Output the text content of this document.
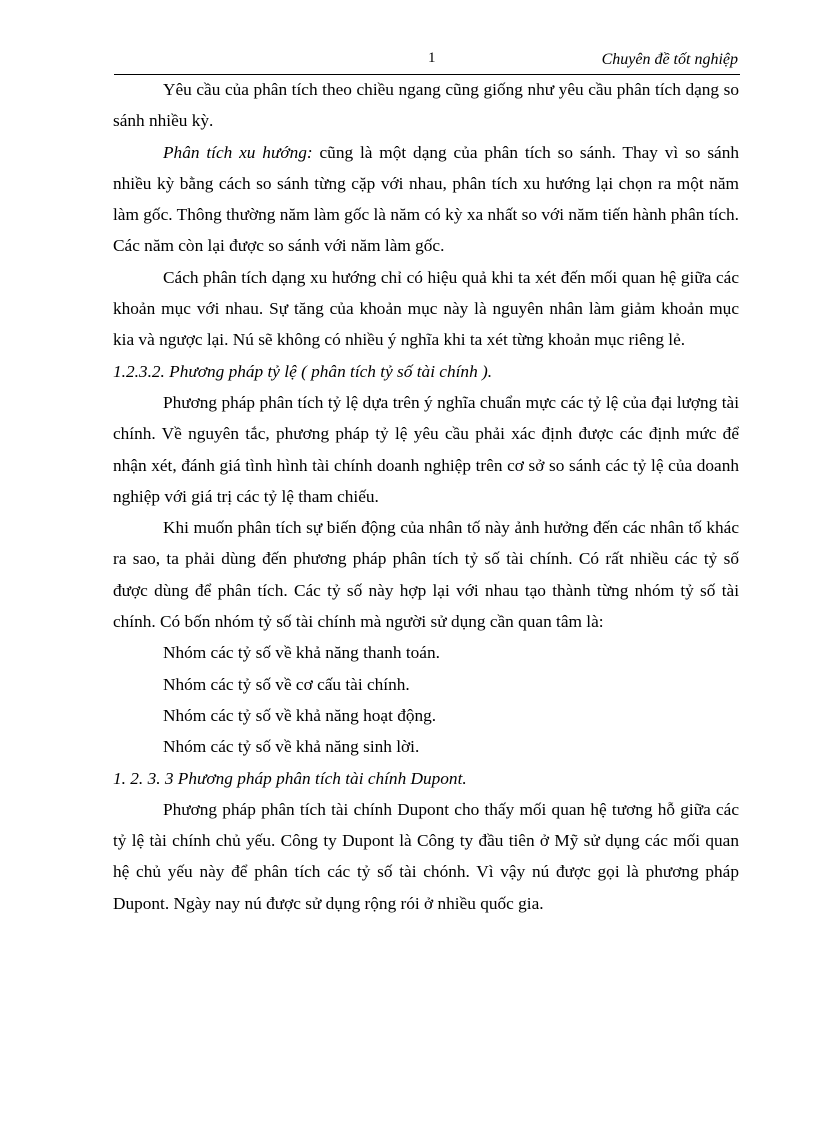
1	Chuyên đề tốt nghiệp

Yêu cầu của phân tích theo chiều ngang cũng giống như yêu cầu phân tích dạng so sánh nhiều kỳ.

Phân tích xu hướng: cũng là một dạng của phân tích so sánh. Thay vì so sánh nhiều kỳ bằng cách so sánh từng cặp với nhau, phân tích xu hướng lại chọn ra một năm làm gốc. Thông thường năm làm gốc là năm có kỳ xa nhất so với năm tiến hành phân tích. Các năm còn lại được so sánh với năm làm gốc.

Cách phân tích dạng xu hướng chỉ có hiệu quả khi ta xét đến mối quan hệ giữa các khoản mục với nhau. Sự tăng của khoản mục này là nguyên nhân làm giảm khoản mục kia và ngược lại. Nú sẽ không có nhiều ý nghĩa khi ta xét từng khoản mục riêng lẻ.

1.2.3.2. Phương pháp tỷ lệ ( phân tích tỷ số tài chính ).

Phương pháp phân tích tỷ lệ dựa trên ý nghĩa chuẩn mực các tỷ lệ của đại lượng tài chính. Về nguyên tắc, phương pháp tỷ lệ yêu cầu phải xác định được các định mức để nhận xét, đánh giá tình hình tài chính doanh nghiệp trên cơ sở so sánh các tỷ lệ của doanh nghiệp với giá trị các tỷ lệ tham chiếu.

Khi muốn phân tích sự biến động của nhân tố này ảnh hưởng đến các nhân tố khác ra sao, ta phải dùng đến phương pháp phân tích tỷ số tài chính. Có rất nhiều các tỷ số được dùng để phân tích. Các tỷ số này hợp lại với nhau tạo thành từng nhóm tỷ số tài chính. Có bốn nhóm tỷ số tài chính mà người sử dụng cần quan tâm là:

Nhóm các tỷ số về khả năng thanh toán.

Nhóm các tỷ số về cơ cấu tài chính.

Nhóm các tỷ số về khả năng hoạt động.

Nhóm các tỷ số về khả năng sinh lời.

1. 2. 3. 3 Phương pháp phân tích tài chính Dupont.

Phương pháp phân tích tài chính Dupont cho thấy mối quan hệ tương hỗ giữa các tỷ lệ tài chính chủ yếu. Công ty Dupont là Công ty đầu tiên ở Mỹ sử dụng các mối quan hệ chủ yếu này để phân tích các tỷ số tài chónh. Vì vậy nú được gọi là phương pháp Dupont. Ngày nay nú được sử dụng rộng rói ở nhiều quốc gia.
